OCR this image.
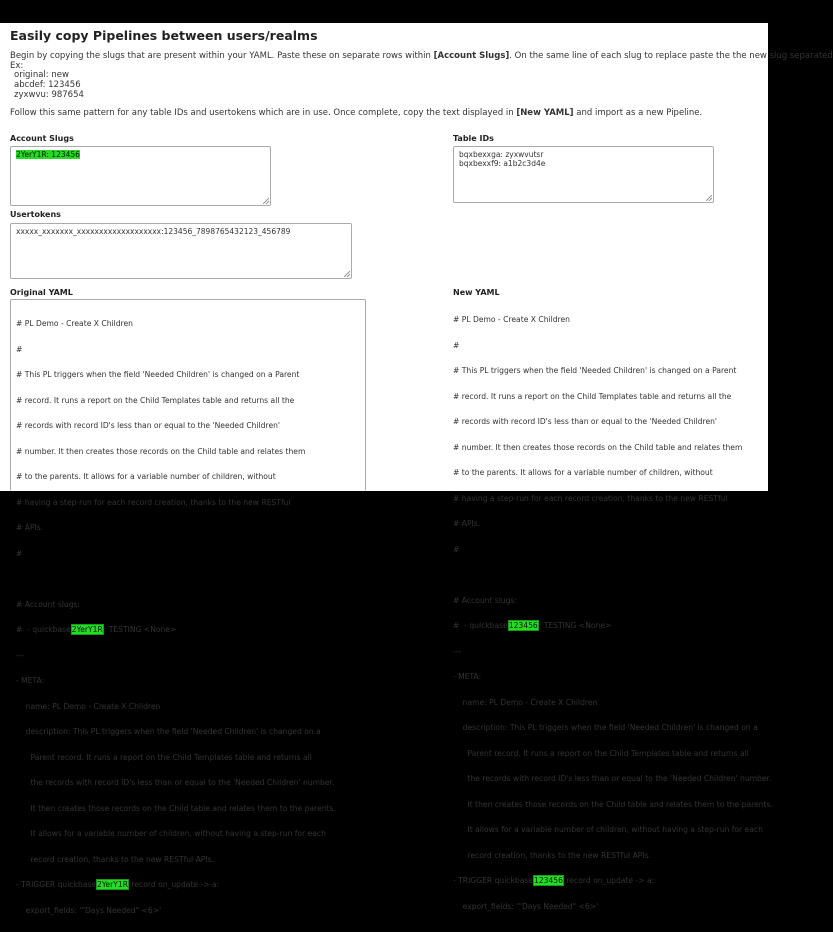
Easily copy Pipelines between users/realms
Begin by copying the slugs that are present within your YAML. Paste these on separate rows within [Account Slugs]. On the same line of each slug to replace paste the the new slug separated
Ex:
original: new
abcdef: 123456
zyxwvu: 987654
Follow this same pattern for any table IDs and usertokens which are in use. Once complete, copy the text displayed in [New YAML] and import as a new Pipeline.
Account Slugs
2YerY1R: 123456
Table IDs
bqxbexxga: zyxwvutsr
bqxbexxf9: a1b2c3d4e
Usertokens
xxxxx_xxxxxxx_xxxxxxxxxxxxxxxxxxx:123456_7898765432123_456789
Original YAML

# PL Demo - Create X Children

#

# This PL triggers when the field 'Needed Children' is changed on a Parent

# record. It runs a report on the Child Templates table and returns all the

# records with record ID's less than or equal to the 'Needed Children'

# number. It then creates those records on the Child table and relates them

# to the parents. It allows for a variable number of children, without

# having a step-run for each record creation, thanks to the new RESTful

# APIs.

#

# Account slugs:

#  - quickbase2YerY1R: TESTING <None>

---

- META:

name: PL Demo - Create X Children

description: This PL triggers when the field 'Needed Children' is changed on a

Parent record. It runs a report on the Child Templates table and returns all

the records with record ID's less than or equal to the 'Needed Children' number.

It then creates those records on the Child table and relates them to the parents.

It allows for a variable number of children, without having a step-run for each

record creation, thanks to the new RESTful APIs.

- TRIGGER quickbase2YerY1R record on_update -> a:

export_fields: '"Days Needed" <6>'

New YAML

# PL Demo - Create X Children

#

# This PL triggers when the field 'Needed Children' is changed on a Parent

# record. It runs a report on the Child Templates table and returns all the

# records with record ID's less than or equal to the 'Needed Children'

# number. It then creates those records on the Child table and relates them

# to the parents. It allows for a variable number of children, without

# having a step-run for each record creation, thanks to the new RESTful

# APIs.

#

# Account slugs:

#  - quickbase123456: TESTING <None>

---

- META:

name: PL Demo - Create X Children

description: This PL triggers when the field 'Needed Children' is changed on a

Parent record. It runs a report on the Child Templates table and returns all

the records with record ID's less than or equal to the 'Needed Children' number.

It then creates those records on the Child table and relates them to the parents.

It allows for a variable number of children, without having a step-run for each

record creation, thanks to the new RESTful APIs.

- TRIGGER quickbase123456 record on_update -> a:

export_fields: '"Days Needed" <6>'
